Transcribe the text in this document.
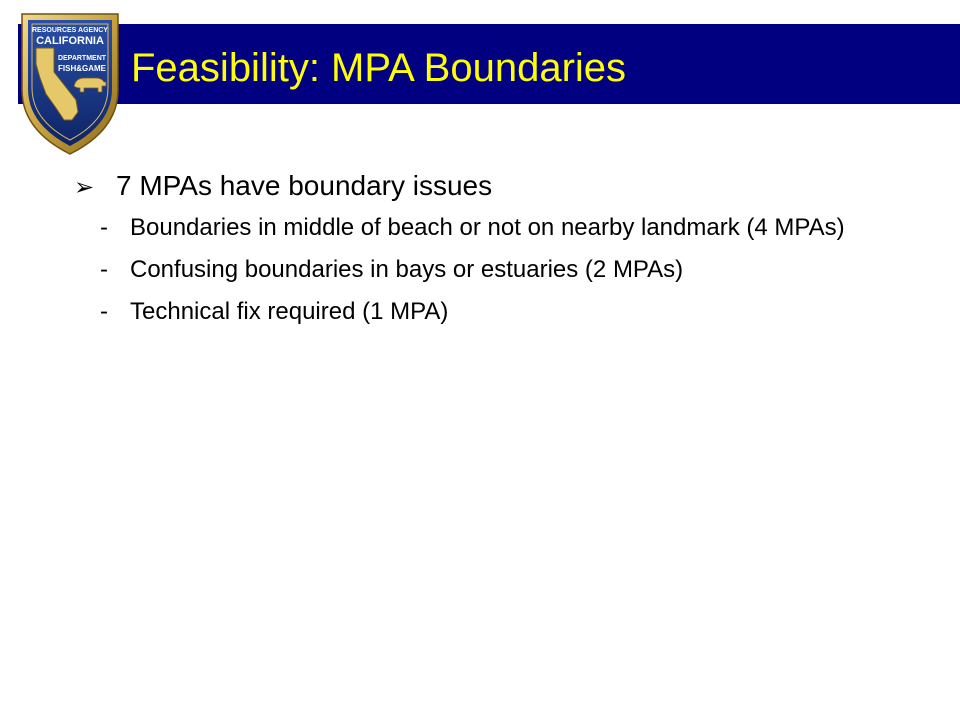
RESOURCES AGENCY
CALIFORNIA
DEPARTMENT
FISH&GAME Feasibility: MPA Boundaries
➢ 7 MPAs have boundary issues
- Boundaries in middle of beach or not on nearby landmark (4 MPAs)
- Confusing boundaries in bays or estuaries (2 MPAs)
- Technical fix required (1 MPA)
